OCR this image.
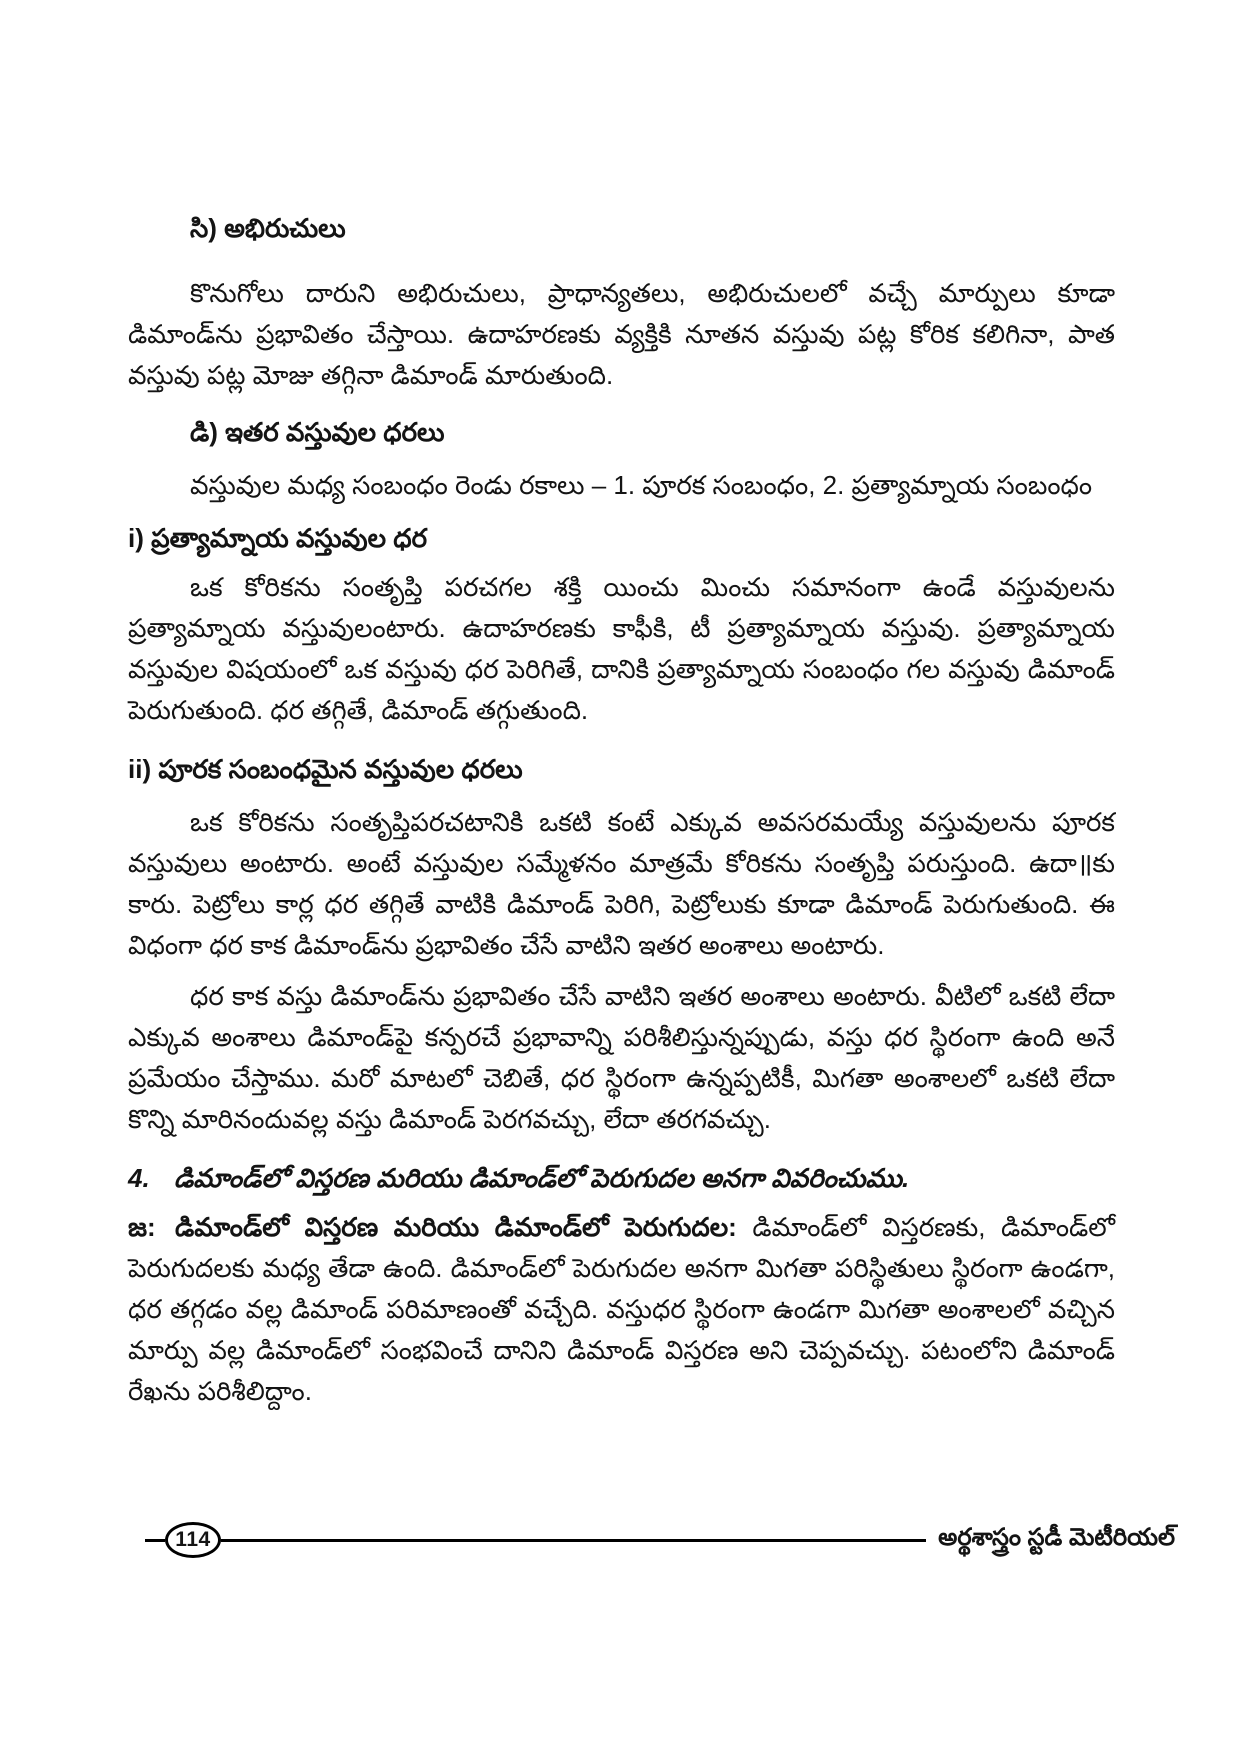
సి) అభిరుచులు

కొనుగోలు దారుని అభిరుచులు, ప్రాధాన్యతలు, అభిరుచులలో వచ్చే మార్పులు కూడా డిమాండ్‌ను ప్రభావితం చేస్తాయి. ఉదాహరణకు వ్యక్తికి నూతన వస్తువు పట్ల కోరిక కలిగినా, పాత వస్తువు పట్ల మోజు తగ్గినా డిమాండ్ మారుతుంది.

డి) ఇతర వస్తువుల ధరలు

వస్తువుల మధ్య సంబంధం రెండు రకాలు – 1. పూరక సంబంధం, 2. ప్రత్యామ్నాయ సంబంధం

i) ప్రత్యామ్నాయ వస్తువుల ధర

ఒక కోరికను సంతృప్తి పరచగల శక్తి యించు మించు సమానంగా ఉండే వస్తువులను ప్రత్యామ్నాయ వస్తువులంటారు. ఉదాహరణకు కాఫీకి, టీ ప్రత్యామ్నాయ వస్తువు. ప్రత్యామ్నాయ వస్తువుల విషయంలో ఒక వస్తువు ధర పెరిగితే, దానికి ప్రత్యామ్నాయ సంబంధం గల వస్తువు డిమాండ్ పెరుగుతుంది. ధర తగ్గితే, డిమాండ్ తగ్గుతుంది.

ii) పూరక సంబంధమైన వస్తువుల ధరలు

ఒక కోరికను సంతృప్తిపరచటానికి ఒకటి కంటే ఎక్కువ అవసరమయ్యే వస్తువులను పూరక వస్తువులు అంటారు. అంటే వస్తువుల సమ్మేళనం మాత్రమే కోరికను సంతృప్తి పరుస్తుంది. ఉదా॥కు కారు. పెట్రోలు కార్ల ధర తగ్గితే వాటికి డిమాండ్ పెరిగి, పెట్రోలుకు కూడా డిమాండ్ పెరుగుతుంది. ఈ విధంగా ధర కాక డిమాండ్‌ను ప్రభావితం చేసే వాటిని ఇతర అంశాలు అంటారు.

ధర కాక వస్తు డిమాండ్‌ను ప్రభావితం చేసే వాటిని ఇతర అంశాలు అంటారు. వీటిలో ఒకటి లేదా ఎక్కువ అంశాలు డిమాండ్‌పై కన్పరచే ప్రభావాన్ని పరిశీలిస్తున్నప్పుడు, వస్తు ధర స్థిరంగా ఉంది అనే ప్రమేయం చేస్తాము. మరో మాటలో చెబితే, ధర స్థిరంగా ఉన్నప్పటికీ, మిగతా అంశాలలో ఒకటి లేదా కొన్ని మారినందువల్ల వస్తు డిమాండ్ పెరగవచ్చు, లేదా తరగవచ్చు.

4. డిమాండ్‌లో విస్తరణ మరియు డిమాండ్‌లో పెరుగుదల అనగా వివరించుము.

జ: డిమాండ్‌లో విస్తరణ మరియు డిమాండ్‌లో పెరుగుదల: డిమాండ్‌లో విస్తరణకు, డిమాండ్‌లో పెరుగుదలకు మధ్య తేడా ఉంది. డిమాండ్‌లో పెరుగుదల అనగా మిగతా పరిస్థితులు స్థిరంగా ఉండగా, ధర తగ్గడం వల్ల డిమాండ్ పరిమాణంతో వచ్చేది. వస్తుధర స్థిరంగా ఉండగా మిగతా అంశాలలో వచ్చిన మార్పు వల్ల డిమాండ్‌లో సంభవించే దానిని డిమాండ్ విస్తరణ అని చెప్పవచ్చు. పటంలోని డిమాండ్ రేఖను పరిశీలిద్దాం.

114	అర్థశాస్త్రం స్టడీ మెటీరియల్
